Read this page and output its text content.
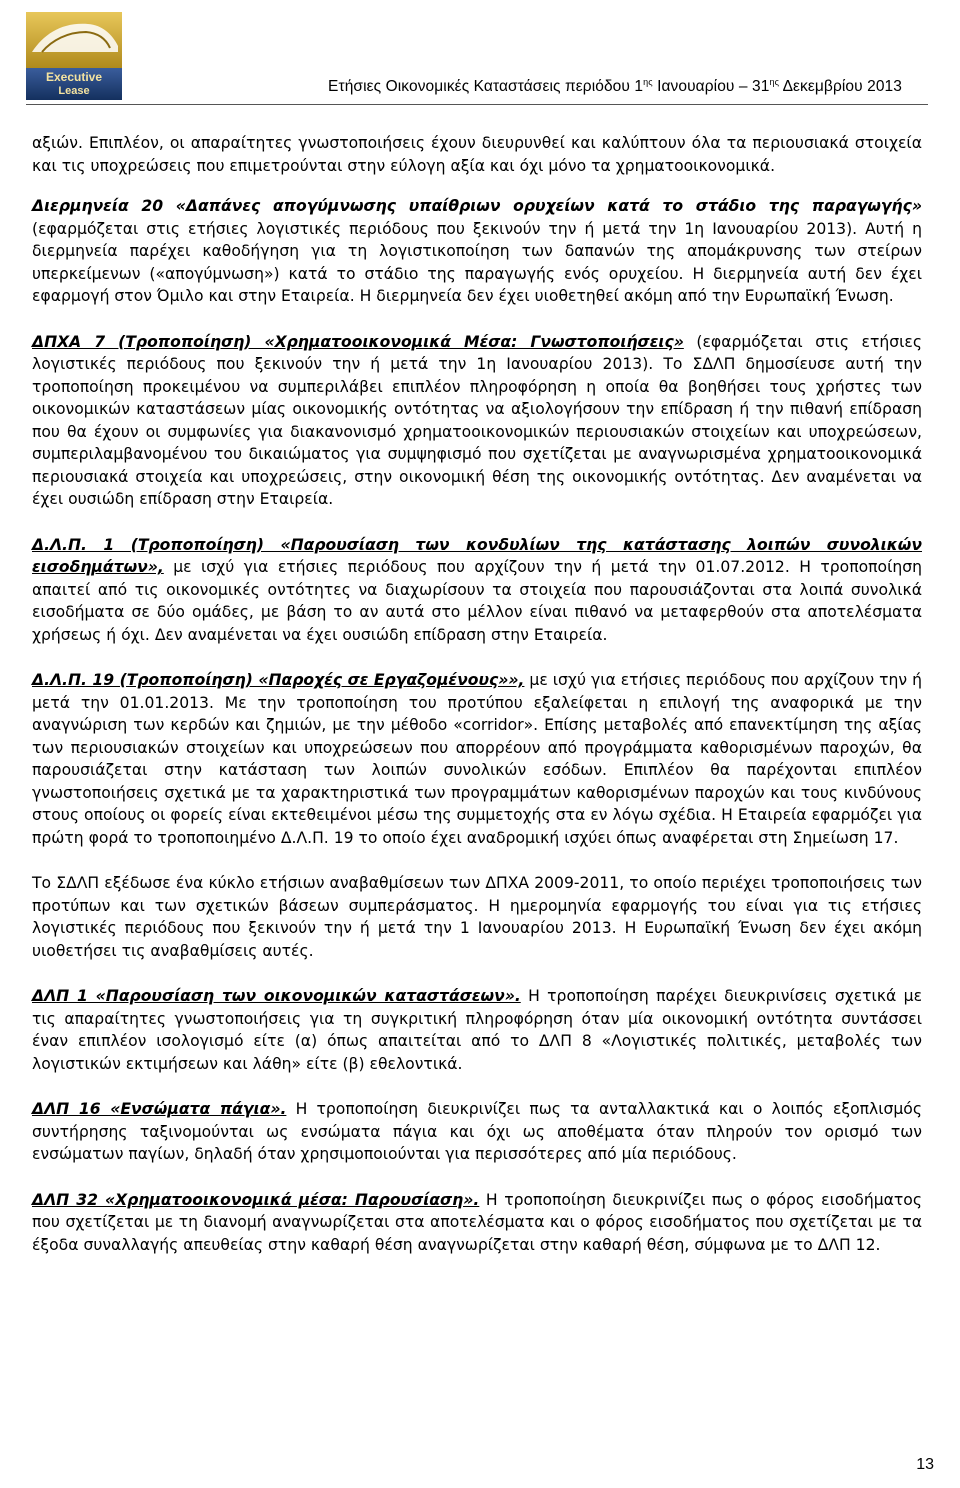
Executive
Lease	Ετήσιες Οικονομικές Καταστάσεις περιόδου $1^{\eta\varsigma}$ Ιανουαρίου – $31^{\eta\varsigma}$ Δεκεμβρίου 2013

αξιών. Επιπλέον, οι απαραίτητες γνωστοποιήσεις έχουν διευρυνθεί και καλύπτουν όλα τα περιουσιακά στοιχεία και τις υποχρεώσεις που επιμετρούνται στην εύλογη αξία και όχι μόνο τα χρηματοοικονομικά.

Διερμηνεία 20 «Δαπάνες απογύμνωσης υπαίθριων ορυχείων κατά το στάδιο της παραγωγής» (εφαρμόζεται στις ετήσιες λογιστικές περιόδους που ξεκινούν την ή μετά την 1η Ιανουαρίου 2013). Αυτή η διερμηνεία παρέχει καθοδήγηση για τη λογιστικοποίηση των δαπανών της απομάκρυνσης των στείρων υπερκείμενων («απογύμνωση») κατά το στάδιο της παραγωγής ενός ορυχείου. Η διερμηνεία αυτή δεν έχει εφαρμογή στον Όμιλο και στην Εταιρεία. Η διερμηνεία δεν έχει υιοθετηθεί ακόμη από την Ευρωπαϊκή Ένωση.

ΔΠΧΑ 7 (Τροποποίηση) «Χρηματοοικονομικά Μέσα: Γνωστοποιήσεις» (εφαρμόζεται στις ετήσιες λογιστικές περιόδους που ξεκινούν την ή μετά την 1η Ιανουαρίου 2013). Το ΣΔΛΠ δημοσίευσε αυτή την τροποποίηση προκειμένου να συμπεριλάβει επιπλέον πληροφόρηση η οποία θα βοηθήσει τους χρήστες των οικονομικών καταστάσεων μίας οικονομικής οντότητας να αξιολογήσουν την επίδραση ή την πιθανή επίδραση που θα έχουν οι συμφωνίες για διακανονισμό χρηματοοικονομικών περιουσιακών στοιχείων και υποχρεώσεων, συμπεριλαμβανομένου του δικαιώματος για συμψηφισμό που σχετίζεται με αναγνωρισμένα χρηματοοικονομικά περιουσιακά στοιχεία και υποχρεώσεις, στην οικονομική θέση της οικονομικής οντότητας. Δεν αναμένεται να έχει ουσιώδη επίδραση στην Εταιρεία.

Δ.Λ.Π. 1 (Τροποποίηση) «Παρουσίαση των κονδυλίων της κατάστασης λοιπών συνολικών εισοδημάτων», με ισχύ για ετήσιες περιόδους που αρχίζουν την ή μετά την 01.07.2012. Η τροποποίηση απαιτεί από τις οικονομικές οντότητες να διαχωρίσουν τα στοιχεία που παρουσιάζονται στα λοιπά συνολικά εισοδήματα σε δύο ομάδες, με βάση το αν αυτά στο μέλλον είναι πιθανό να μεταφερθούν στα αποτελέσματα χρήσεως ή όχι. Δεν αναμένεται να έχει ουσιώδη επίδραση στην Εταιρεία.

Δ.Λ.Π. 19 (Τροποποίηση) «Παροχές σε Εργαζομένους»», με ισχύ για ετήσιες περιόδους που αρχίζουν την ή μετά την 01.01.2013. Με την τροποποίηση του προτύπου εξαλείφεται η επιλογή της αναφορικά με την αναγνώριση των κερδών και ζημιών, με την μέθοδο «corridor». Επίσης μεταβολές από επανεκτίμηση της αξίας των περιουσιακών στοιχείων και υποχρεώσεων που απορρέουν από προγράμματα καθορισμένων παροχών, θα παρουσιάζεται στην κατάσταση των λοιπών συνολικών εσόδων. Επιπλέον θα παρέχονται επιπλέον γνωστοποιήσεις σχετικά με τα χαρακτηριστικά των προγραμμάτων καθορισμένων παροχών και τους κινδύνους στους οποίους οι φορείς είναι εκτεθειμένοι μέσω της συμμετοχής στα εν λόγω σχέδια. Η Εταιρεία εφαρμόζει για πρώτη φορά το τροποποιημένο Δ.Λ.Π. 19 το οποίο έχει αναδρομική ισχύει όπως αναφέρεται στη Σημείωση 17.

Το ΣΔΛΠ εξέδωσε ένα κύκλο ετήσιων αναβαθμίσεων των ΔΠΧΑ 2009-2011, το οποίο περιέχει τροποποιήσεις των προτύπων και των σχετικών βάσεων συμπεράσματος. Η ημερομηνία εφαρμογής του είναι για τις ετήσιες λογιστικές περιόδους που ξεκινούν την ή μετά την 1 Ιανουαρίου 2013. Η Ευρωπαϊκή Ένωση δεν έχει ακόμη υιοθετήσει τις αναβαθμίσεις αυτές.

ΔΛΠ 1 «Παρουσίαση των οικονομικών καταστάσεων». Η τροποποίηση παρέχει διευκρινίσεις σχετικά με τις απαραίτητες γνωστοποιήσεις για τη συγκριτική πληροφόρηση όταν μία οικονομική οντότητα συντάσσει έναν επιπλέον ισολογισμό είτε (α) όπως απαιτείται από το ΔΛΠ 8 «Λογιστικές πολιτικές, μεταβολές των λογιστικών εκτιμήσεων και λάθη» είτε (β) εθελοντικά.

ΔΛΠ 16 «Ενσώματα πάγια». Η τροποποίηση διευκρινίζει πως τα ανταλλακτικά και ο λοιπός εξοπλισμός συντήρησης ταξινομούνται ως ενσώματα πάγια και όχι ως αποθέματα όταν πληρούν τον ορισμό των ενσώματων παγίων, δηλαδή όταν χρησιμοποιούνται για περισσότερες από μία περιόδους.

ΔΛΠ 32 «Χρηματοοικονομικά μέσα: Παρουσίαση». Η τροποποίηση διευκρινίζει πως ο φόρος εισοδήματος που σχετίζεται με τη διανομή αναγνωρίζεται στα αποτελέσματα και ο φόρος εισοδήματος που σχετίζεται με τα έξοδα συναλλαγής απευθείας στην καθαρή θέση αναγνωρίζεται στην καθαρή θέση, σύμφωνα με το ΔΛΠ 12.

13
